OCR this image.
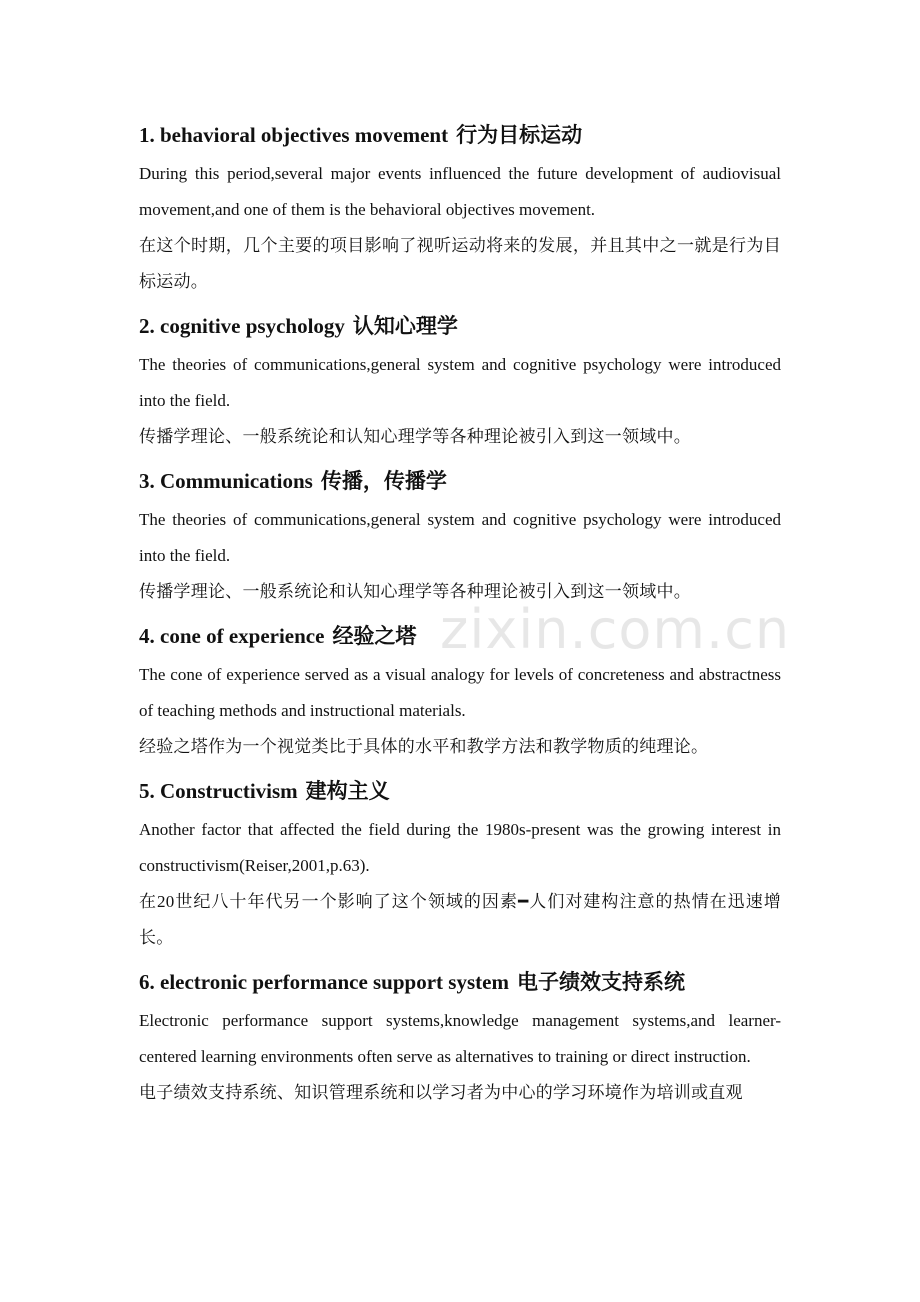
1. behavioral objectives movement 行为目标运动

During this period,several major events influenced the future development of audiovisual movement,and one of them is the behavioral objectives movement.

在这个时期，几个主要的项目影响了视听运动将来的发展，并且其中之一就是行为目标运动。

2. cognitive psychology 认知心理学

The theories of communications,general system and cognitive psychology were introduced into the field.

传播学理论、一般系统论和认知心理学等各种理论被引入到这一领域中。

3. Communications 传播，传播学

The theories of communications,general system and cognitive psychology were introduced into the field.

传播学理论、一般系统论和认知心理学等各种理论被引入到这一领域中。

4. cone of experience 经验之塔

The cone of experience served as a visual analogy for levels of concreteness and abstractness of teaching methods and instructional materials.

经验之塔作为一个视觉类比于具体的水平和教学方法和教学物质的纯理论。

5. Constructivism 建构主义

Another factor that affected the field during the 1980s-present was the growing interest in constructivism(Reiser,2001,p.63).

在20世纪八十年代另一个影响了这个领域的因素━人们对建构注意的热情在迅速增长。

6. electronic performance support system 电子绩效支持系统

Electronic performance support systems,knowledge management systems,and learner-centered learning environments often serve as alternatives to training or direct instruction.

电子绩效支持系统、知识管理系统和以学习者为中心的学习环境作为培训或直观

zixin.com.cn
